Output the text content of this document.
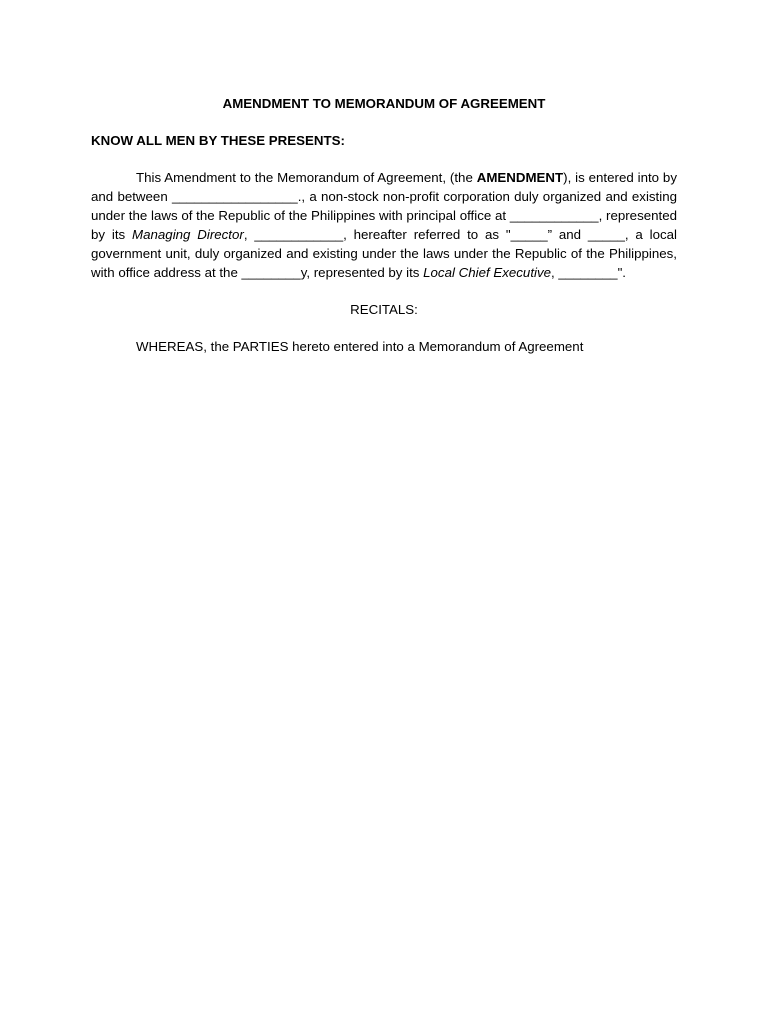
AMENDMENT TO MEMORANDUM OF AGREEMENT

KNOW ALL MEN BY THESE PRESENTS:

This Amendment to the Memorandum of Agreement, (the AMENDMENT), is entered into by and between _________________., a non-stock non-profit corporation duly organized and existing under the laws of the Republic of the Philippines with principal office at ____________, represented by its Managing Director, ____________, hereafter referred to as "_____” and _____, a local government unit, duly organized and existing under the laws under the Republic of the Philippines, with office address at the ________y, represented by its Local Chief Executive, ________".

RECITALS:

WHEREAS, the PARTIES hereto entered into a Memorandum of Agreement
